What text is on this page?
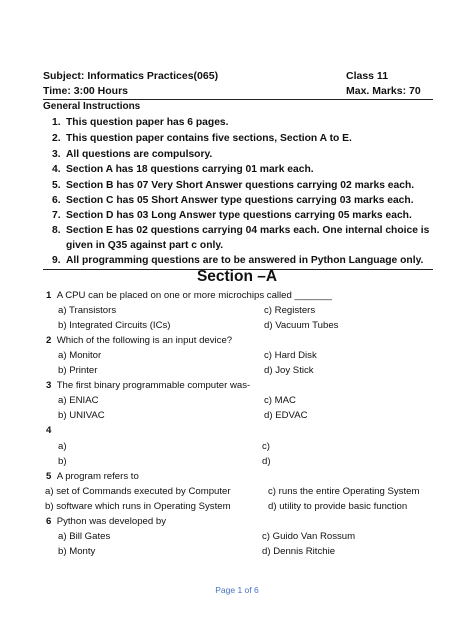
Subject: Informatics Practices(065)	Class 11
Time: 3:00 Hours	Max. Marks: 70
General Instructions
1. This question paper has 6 pages.
2. This question paper contains five sections, Section A to E.
3. All questions are compulsory.
4. Section A has 18 questions carrying 01 mark each.
5. Section B has 07 Very Short Answer questions carrying 02 marks each.
6. Section C has 05 Short Answer type questions carrying 03 marks each.
7. Section D has 03 Long Answer type questions carrying 05 marks each.
8. Section E has 02 questions carrying 04 marks each. One internal choice is
given in Q35 against part c only.
9. All programming questions are to be answered in Python Language only.
Section –A
1 A CPU can be placed on one or more microchips called _______
a) Transistors	c) Registers
b) Integrated Circuits (ICs)	d) Vacuum Tubes
2 Which of the following is an input device?
a) Monitor	c) Hard Disk
b) Printer	d) Joy Stick
3 The first binary programmable computer was-
a) ENIAC	c) MAC
b) UNIVAC	d) EDVAC
4
a)	c)
b)	d)
5 A program refers to
a) set of Commands executed by Computer	c) runs the entire Operating System
b) software which runs in Operating System	d) utility to provide basic function
6 Python was developed by
a) Bill Gates	c) Guido Van Rossum
b) Monty	d) Dennis Ritchie
Page 1 of 6
